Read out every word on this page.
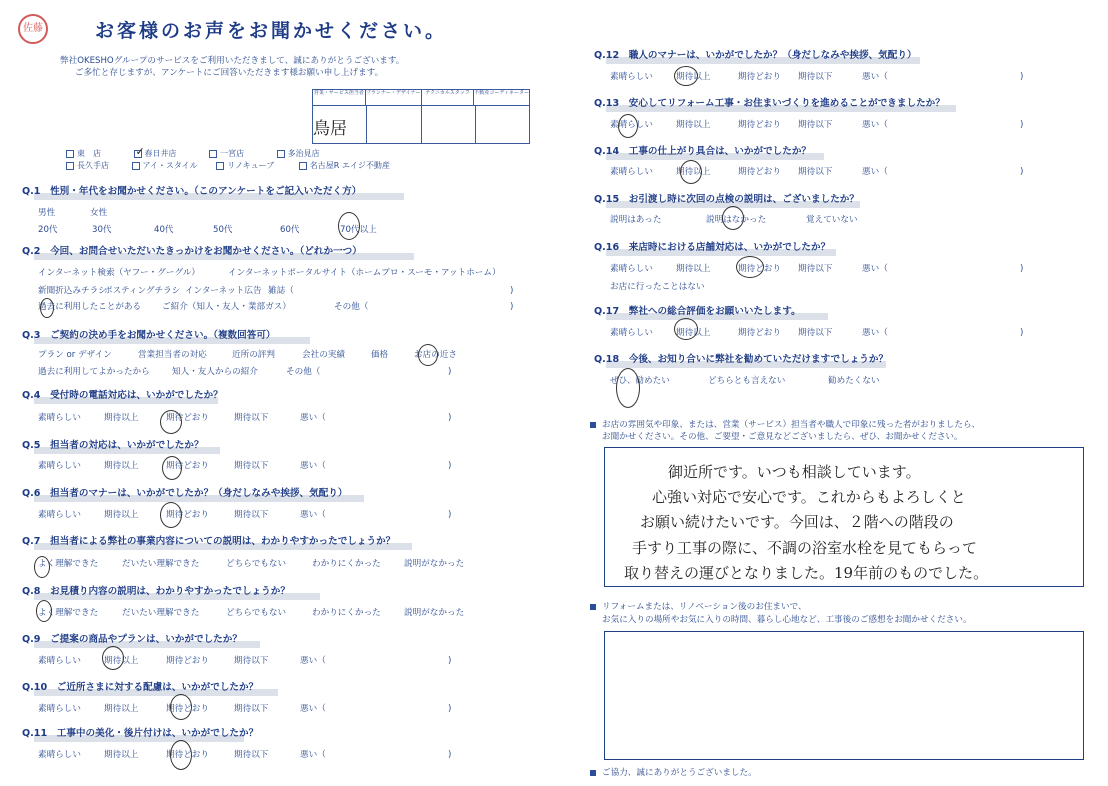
佐藤	お客様のお声をお聞かせください。
弊社OKESHOグループのサービスをご利用いただきまして、誠にありがとうございます。
ご多忙と存じますが、アンケートにご回答いただきます様お願い申し上げます。
営業・サービス担当者 プランナー・デザイナー テクニカルスタッフ 不動産コーディネーター
鳥居
東　店	✓ 春日井店	一宮店	多治見店
長久手店	アイ・スタイル	リノキューブ	名古屋R エイジ不動産
Q.1　性別・年代をお聞かせください。（このアンケートをご記入いただく方）
男性	女性
20代	30代	40代	50代	60代	70代以上
Q.2　今回、お問合せいただいたきっかけをお聞かせください。（どれか一つ）
インターネット検索（ヤフー・グーグル）	インターネットポータルサイト（ホームプロ・スーモ・アットホーム）
新聞折込みチラシ
ポスティングチラシ インターネット広告 雑誌（	)
過去に利用したことがある ご紹介（知人・友人・業部ガス）	その他（	)
Q.3　ご契約の決め手をお聞かせください。（複数回答可）
プラン or デザイン	営業担当者の対応	近所の評判	会社の実績	価格	お店の近さ
過去に利用してよかったから	知人・友人からの紹介	その他（	)
Q.4　受付時の電話対応は、いかがでしたか？
素晴らしい	期待以上	期待どおり	期待以下	悪い（	)
Q.5　担当者の対応は、いかがでしたか？
素晴らしい	期待以上	期待どおり	期待以下	悪い（	)
Q.6　担当者のマナーは、いかがでしたか？（身だしなみや挨拶、気配り）
素晴らしい	期待以上	期待どおり	期待以下	悪い（	)
Q.7　担当者による弊社の事業内容についての説明は、わかりやすかったでしょうか？
よく理解できた	だいたい理解できた	どちらでもない	わかりにくかった	説明がなかった
Q.8　お見積り内容の説明は、わかりやすかったでしょうか？
よく理解できた	だいたい理解できた	どちらでもない	わかりにくかった	説明がなかった
Q.9　ご提案の商品やプランは、いかがでしたか？
素晴らしい	期待以上	期待どおり	期待以下	悪い（	)
Q.10　ご近所さまに対する配慮は、いかがでしたか？
素晴らしい	期待以上	期待どおり	期待以下	悪い（	)
Q.11　工事中の美化・後片付けは、いかがでしたか？
素晴らしい	期待以上	期待どおり	期待以下	悪い（	)
Q.12　職人のマナーは、いかがでしたか？（身だしなみや挨拶、気配り）
素晴らしい	期待以上	期待どおり 期待以下	悪い（	)
Q.13　安心してリフォーム工事・お住まいづくりを進めることができましたか？
素晴らしい	期待以上	期待どおり 期待以下	悪い（	)
Q.14　工事の仕上がり具合は、いかがでしたか？
素晴らしい	期待以上	期待どおり 期待以下	悪い（	)
Q.15　お引渡し時に次回の点検の説明は、ございましたか？
説明はあった	説明はなかった	覚えていない
Q.16　来店時における店舗対応は、いかがでしたか？
素晴らしい	期待以上	期待どおり 期待以下	悪い（	)
お店に行ったことはない
Q.17　弊社への総合評価をお願いいたします。
素晴らしい	期待以上	期待どおり 期待以下	悪い（	)
Q.18　今後、お知り合いに弊社を勧めていただけますでしょうか？
ぜひ、勧めたい	どちらとも言えない	勧めたくない
お店の雰囲気や印象、または、営業（サービス）担当者や職人で印象に残った者がおりましたら、
お聞かせください。その他、ご要望・ご意見などございましたら、ぜひ、お聞かせください。
御近所です。いつも相談しています。
心強い対応で安心です。これからもよろしくと
お願い続けたいです。今回は、２階への階段の
手すり工事の際に、不調の浴室水栓を見てもらって
取り替えの運びとなりました。19年前のものでした。
リフォームまたは、リノベーション後のお住まいで、
お気に入りの場所やお気に入りの時間、暮らし心地など、工事後のご感想をお聞かせください。
ご協力、誠にありがとうございました。
